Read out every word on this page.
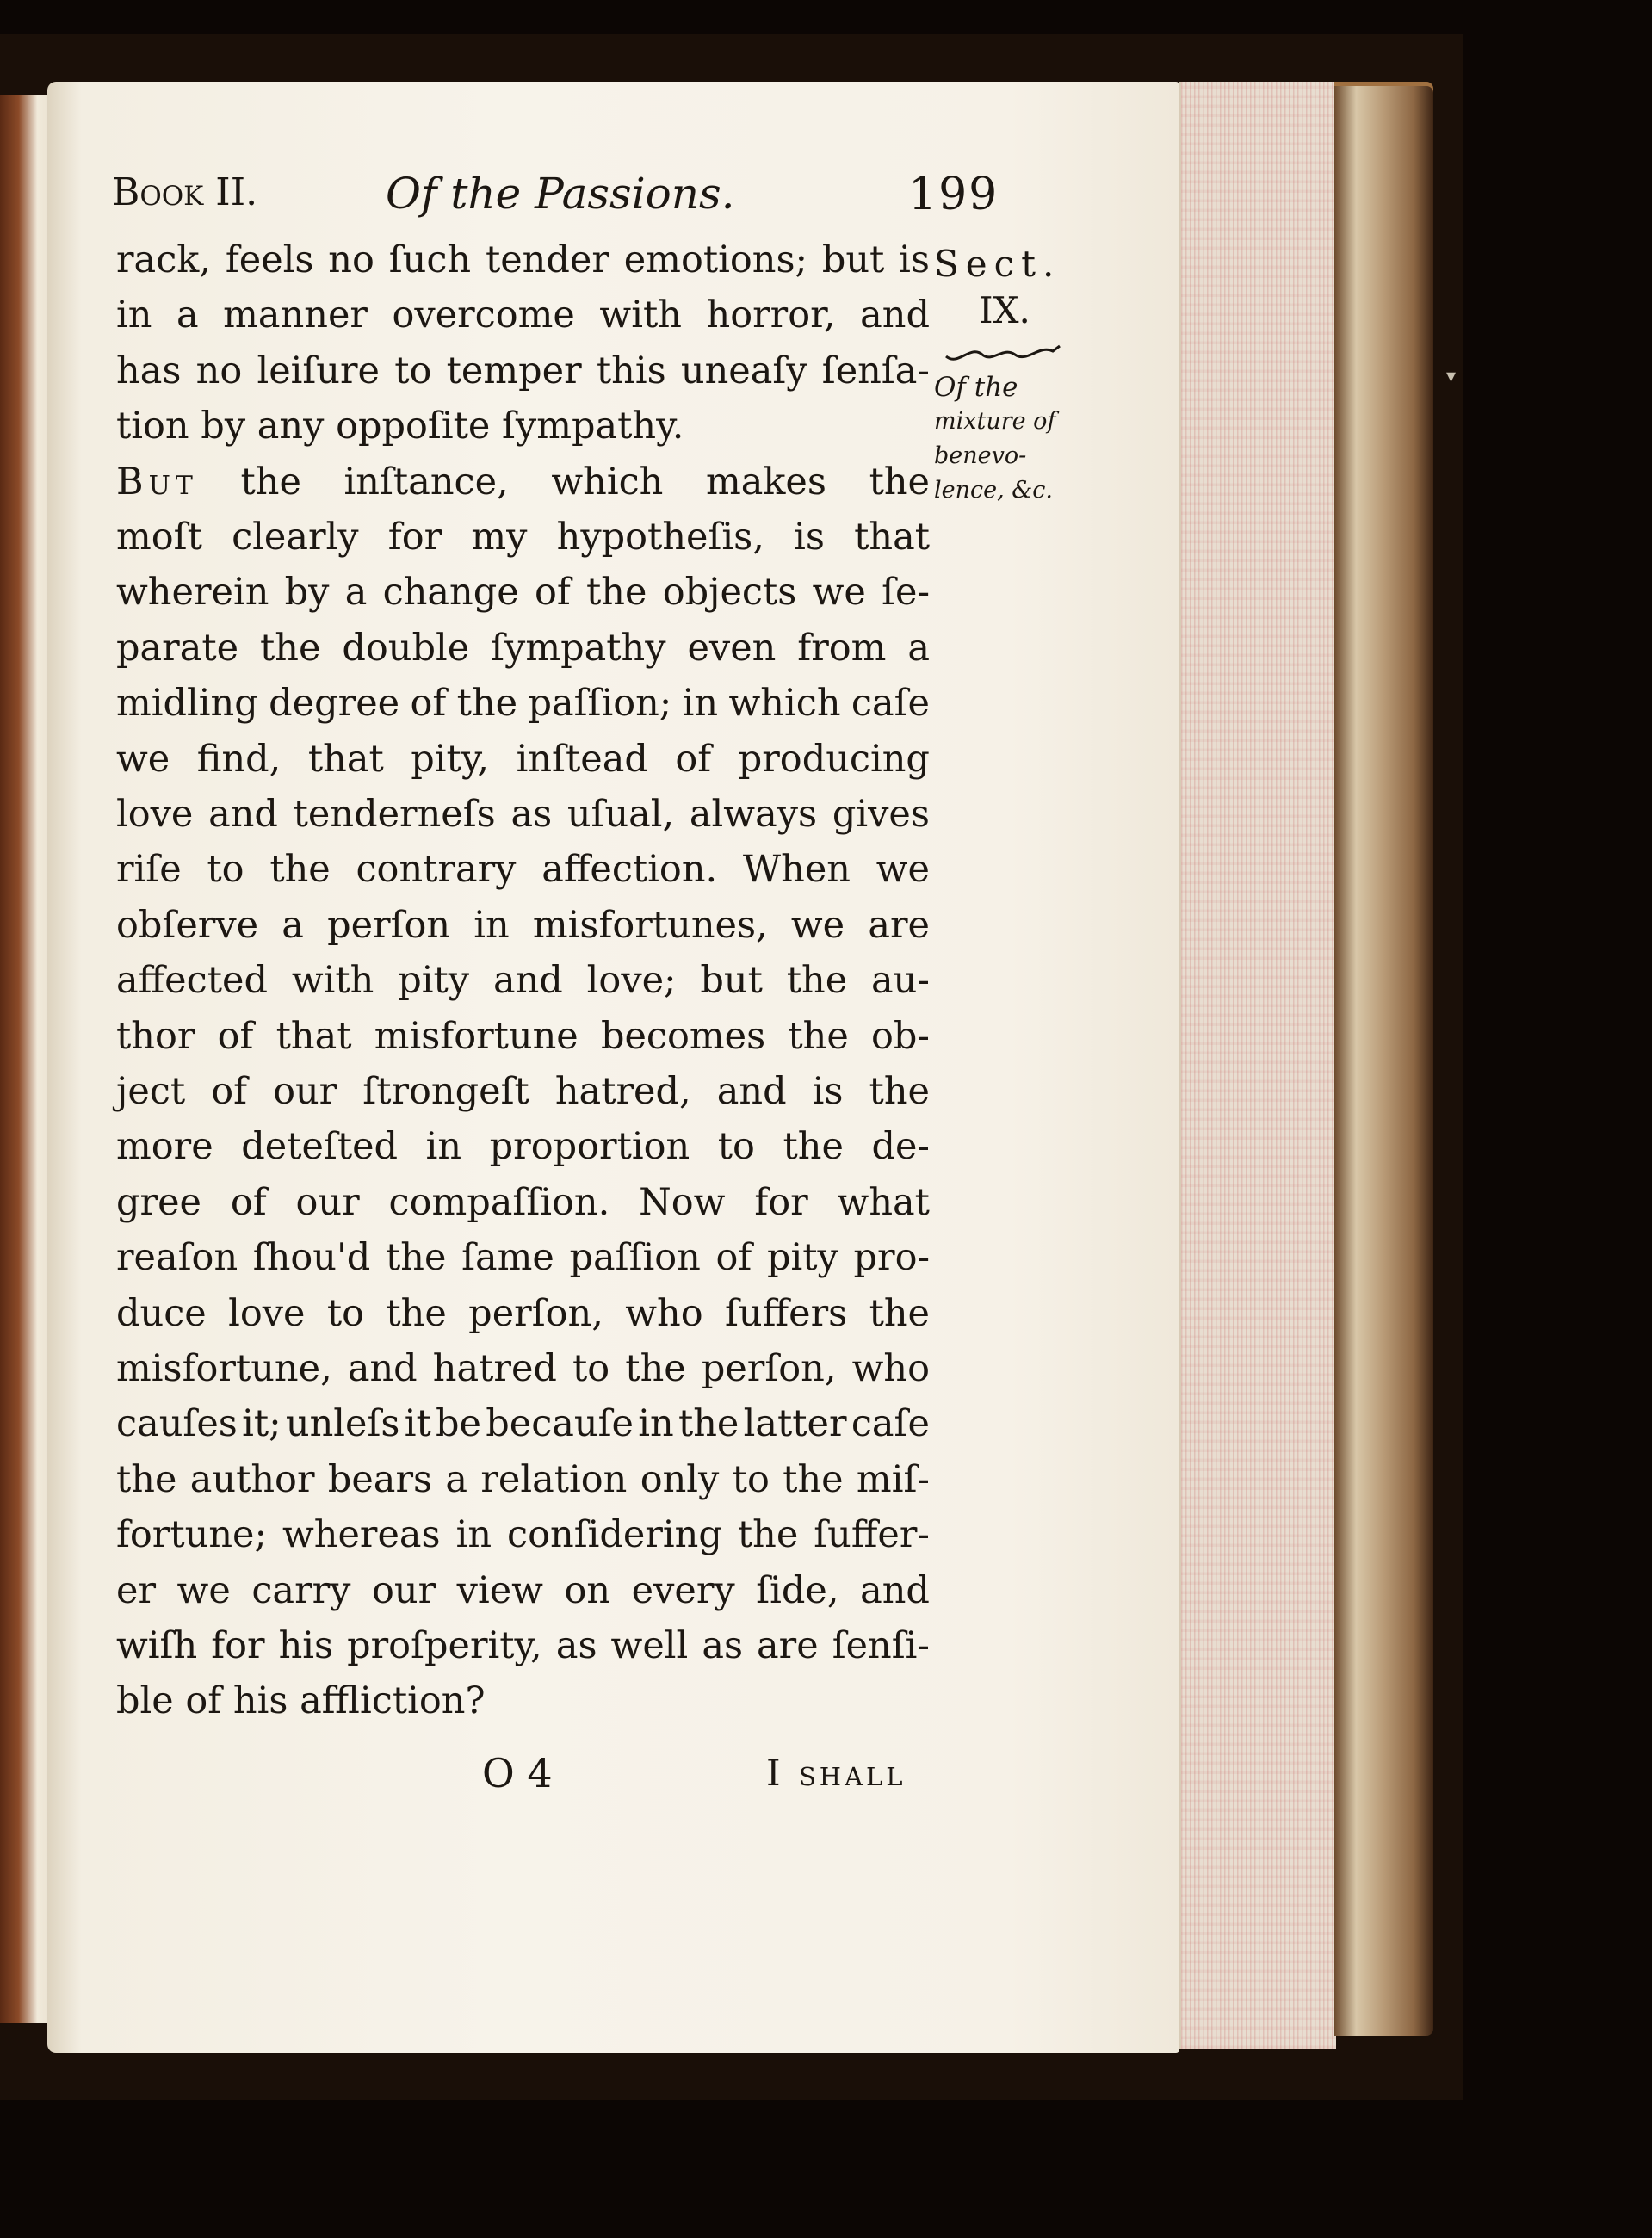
▾
Book II.	Of the Passions.	199
Sect.
IX.
Of the
mixture of
benevo-
lence, &c.

rack, feels no ſuch tender emotions; but is

in a manner overcome with horror, and

has no leiſure to temper this uneaſy ſenſa-

tion
by
any
oppoſite
ſympathy.

But the inſtance, which makes the

moſt clearly for my hypotheſis, is that

wherein by a change of the objects we ſe-

parate the double ſympathy even from a

midling degree of the paſſion; in which caſe

we find, that pity, inſtead of producing

love and tenderneſs as uſual, always gives

riſe to the contrary affection. When we

obſerve a perſon in misfortunes, we are

affected with pity and love; but the au-

thor of that misfortune becomes the ob-

ject of our ſtrongeſt hatred, and is the

more deteſted in proportion to the de-

gree of our compaſſion. Now for what

reaſon ſhou'd the ſame paſſion of pity pro-

duce love to the perſon, who ſuffers the

misfortune, and hatred to the perſon, who

cauſes it; unleſs it be becauſe in the latter caſe

the author bears a relation only to the miſ-

fortune; whereas in conſidering the ſuffer-

er we carry our view on every ſide, and

wiſh for his proſperity, as well as are ſenſi-

ble
of
his
affliction?

O 4	I shall
